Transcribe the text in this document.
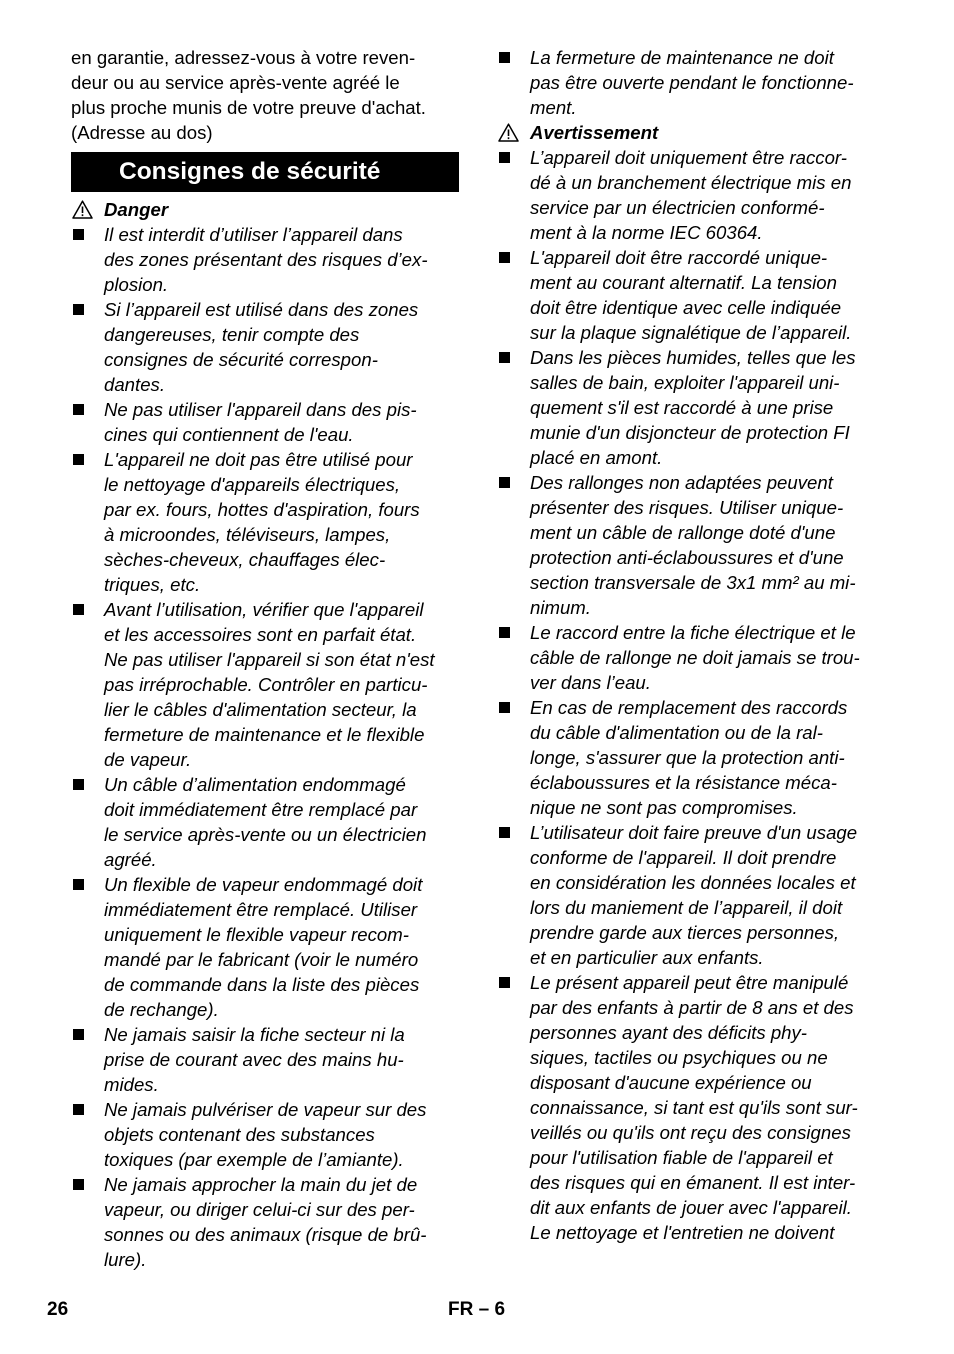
en garantie, adressez-vous à votre reven-
deur ou au service après-vente agréé le
plus proche munis de votre preuve d'achat.
(Adresse au dos)
Consignes de sécurité
Danger
Il est interdit d’utiliser l’appareil dans
des zones présentant des risques d’ex-
plosion.
Si l’appareil est utilisé dans des zones
dangereuses, tenir compte des
consignes de sécurité correspon-
dantes.
Ne pas utiliser l'appareil dans des pis-
cines qui contiennent de l'eau.
L'appareil ne doit pas être utilisé pour
le nettoyage d'appareils électriques,
par ex. fours, hottes d'aspiration, fours
à microondes, téléviseurs, lampes,
sèches-cheveux, chauffages élec-
triques, etc.
Avant l’utilisation, vérifier que l'appareil
et les accessoires sont en parfait état.
Ne pas utiliser l'appareil si son état n'est
pas irréprochable. Contrôler en particu-
lier le câbles d'alimentation secteur, la
fermeture de maintenance et le flexible
de vapeur.
Un câble d’alimentation endommagé
doit immédiatement être remplacé par
le service après-vente ou un électricien
agréé.
Un flexible de vapeur endommagé doit
immédiatement être remplacé. Utiliser
uniquement le flexible vapeur recom-
mandé par le fabricant (voir le numéro
de commande dans la liste des pièces
de rechange).
Ne jamais saisir la fiche secteur ni la
prise de courant avec des mains hu-
mides.
Ne jamais pulvériser de vapeur sur des
objets contenant des substances
toxiques (par exemple de l’amiante).
Ne jamais approcher la main du jet de
vapeur, ou diriger celui-ci sur des per-
sonnes ou des animaux (risque de brû-
lure).
La fermeture de maintenance ne doit
pas être ouverte pendant le fonctionne-
ment.
Avertissement
L’appareil doit uniquement être raccor-
dé à un branchement électrique mis en
service par un électricien conformé-
ment à la norme IEC 60364.
L'appareil doit être raccordé unique-
ment au courant alternatif. La tension
doit être identique avec celle indiquée
sur la plaque signalétique de l’appareil.
Dans les pièces humides, telles que les
salles de bain, exploiter l'appareil uni-
quement s'il est raccordé à une prise
munie d'un disjoncteur de protection FI
placé en amont.
Des rallonges non adaptées peuvent
présenter des risques. Utiliser unique-
ment un câble de rallonge doté d'une
protection anti-éclaboussures et d'une
section transversale de 3x1 mm² au mi-
nimum.
Le raccord entre la fiche électrique et le
câble de rallonge ne doit jamais se trou-
ver dans l’eau.
En cas de remplacement des raccords
du câble d'alimentation ou de la ral-
longe, s'assurer que la protection anti-
éclaboussures et la résistance méca-
nique ne sont pas compromises.
L’utilisateur doit faire preuve d'un usage
conforme de l'appareil. Il doit prendre
en considération les données locales et
lors du maniement de l’appareil, il doit
prendre garde aux tierces personnes,
et en particulier aux enfants.
Le présent appareil peut être manipulé
par des enfants à partir de 8 ans et des
personnes ayant des déficits phy-
siques, tactiles ou psychiques ou ne
disposant d'aucune expérience ou
connaissance, si tant est qu'ils sont sur-
veillés ou qu'ils ont reçu des consignes
pour l'utilisation fiable de l'appareil et
des risques qui en émanent. Il est inter-
dit aux enfants de jouer avec l'appareil.
Le nettoyage et l'entretien ne doivent
26	FR – 6
